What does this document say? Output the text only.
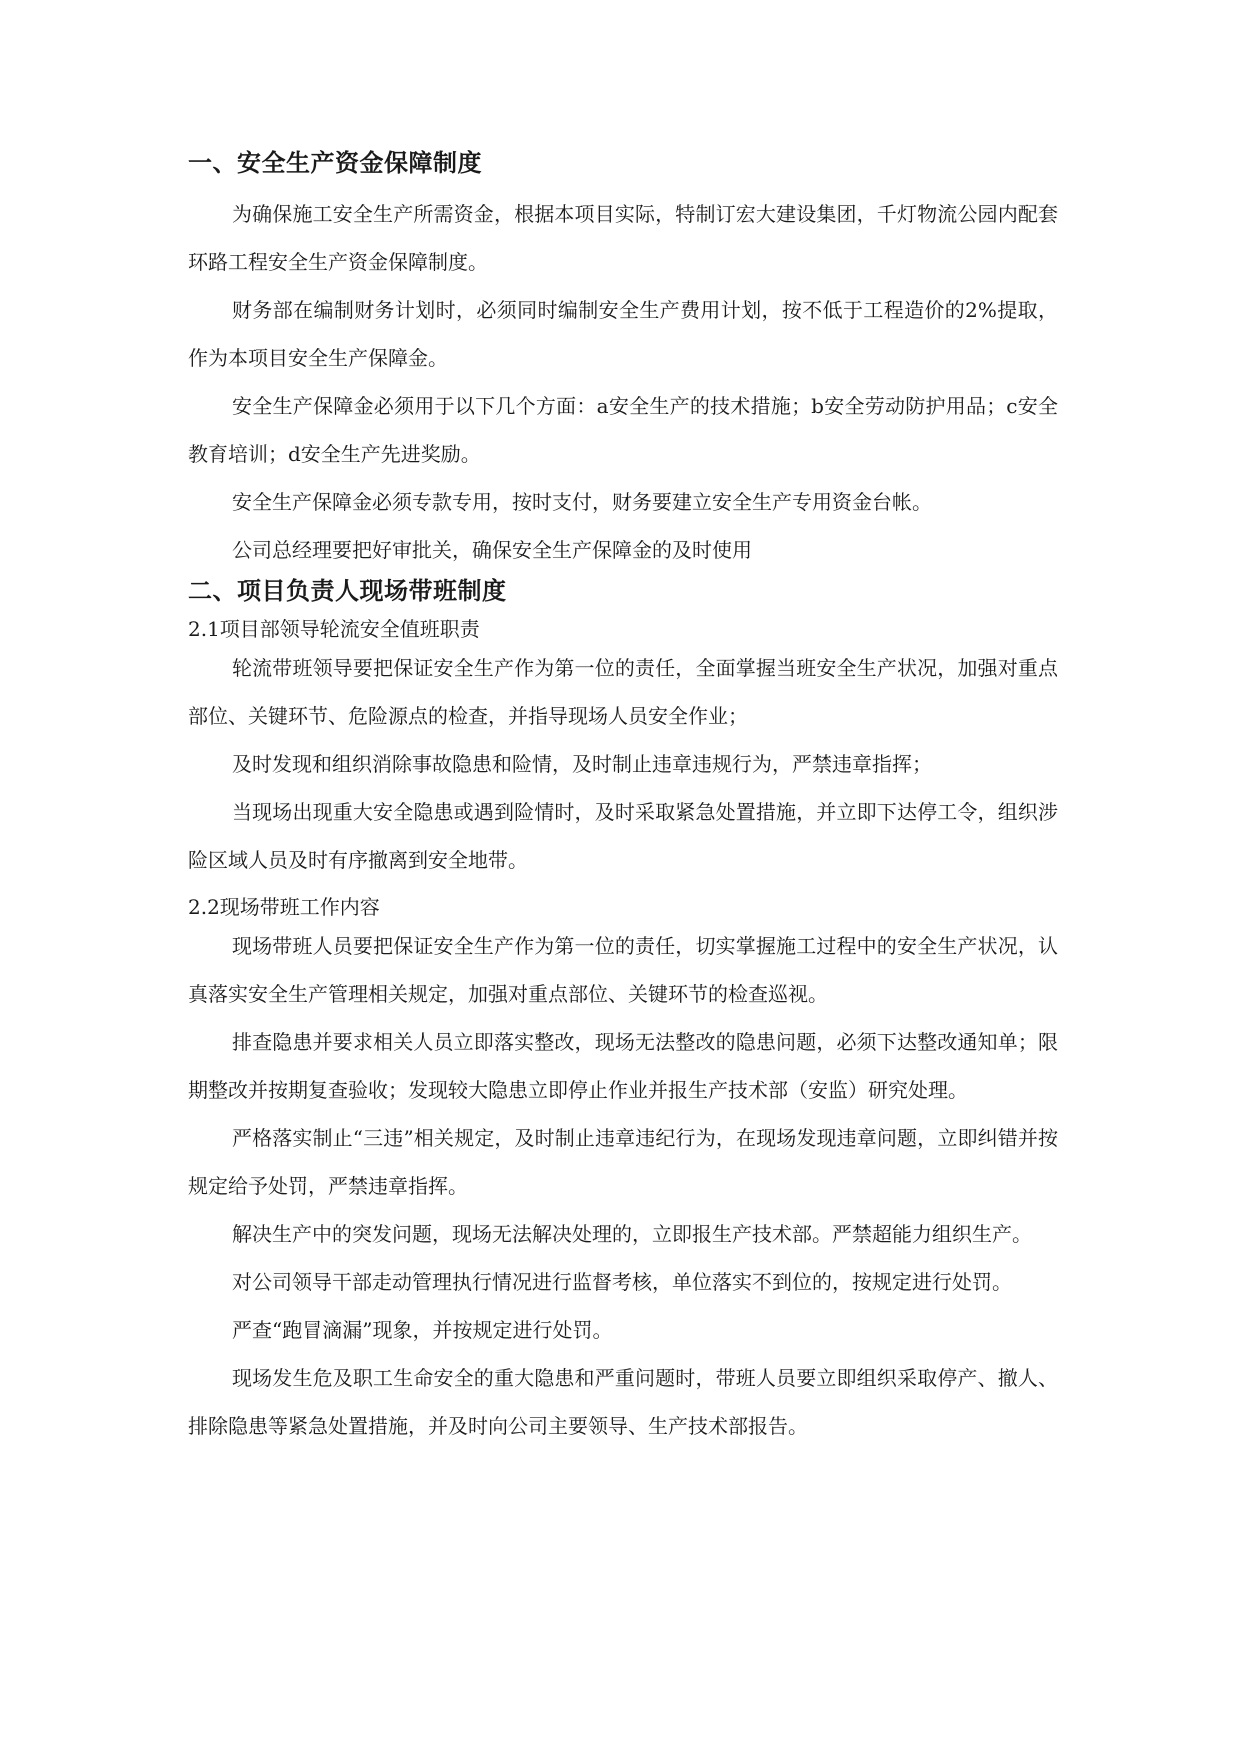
一、安全生产资金保障制度

为确保施工安全生产所需资金，根据本项目实际，特制订宏大建设集团，千灯物流公园内配套环路工程安全生产资金保障制度。

财务部在编制财务计划时，必须同时编制安全生产费用计划，按不低于工程造价的2%提取，作为本项目安全生产保障金。

安全生产保障金必须用于以下几个方面：a安全生产的技术措施；b安全劳动防护用品；c安全教育培训；d安全生产先进奖励。

安全生产保障金必须专款专用，按时支付，财务要建立安全生产专用资金台帐。

公司总经理要把好审批关，确保安全生产保障金的及时使用

二、项目负责人现场带班制度

2.1项目部领导轮流安全值班职责

轮流带班领导要把保证安全生产作为第一位的责任，全面掌握当班安全生产状况，加强对重点部位、关键环节、危险源点的检查，并指导现场人员安全作业；

及时发现和组织消除事故隐患和险情，及时制止违章违规行为，严禁违章指挥；

当现场出现重大安全隐患或遇到险情时，及时采取紧急处置措施，并立即下达停工令，组织涉险区域人员及时有序撤离到安全地带。

2.2现场带班工作内容

现场带班人员要把保证安全生产作为第一位的责任，切实掌握施工过程中的安全生产状况，认真落实安全生产管理相关规定，加强对重点部位、关键环节的检查巡视。

排查隐患并要求相关人员立即落实整改，现场无法整改的隐患问题，必须下达整改通知单；限期整改并按期复查验收；发现较大隐患立即停止作业并报生产技术部（安监）研究处理。

严格落实制止“三违”相关规定，及时制止违章违纪行为，在现场发现违章问题，立即纠错并按规定给予处罚，严禁违章指挥。

解决生产中的突发问题，现场无法解决处理的，立即报生产技术部。严禁超能力组织生产。

对公司领导干部走动管理执行情况进行监督考核，单位落实不到位的，按规定进行处罚。

严查“跑冒滴漏”现象，并按规定进行处罚。

现场发生危及职工生命安全的重大隐患和严重问题时，带班人员要立即组织采取停产、撤人、排除隐患等紧急处置措施，并及时向公司主要领导、生产技术部报告。
